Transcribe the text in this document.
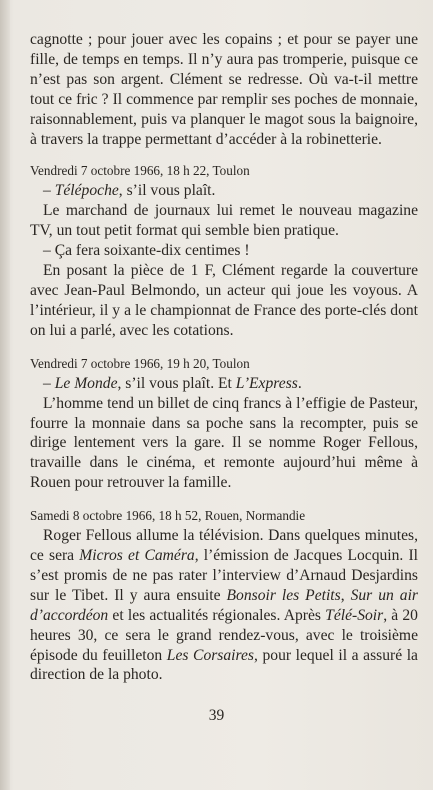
cagnotte ; pour jouer avec les copains ; et pour se payer une fille, de temps en temps. Il n’y aura pas tromperie, puisque ce n’est pas son argent. Clément se redresse. Où va-t-il mettre tout ce fric ? Il commence par remplir ses poches de monnaie, raisonnablement, puis va planquer le magot sous la baignoire, à travers la trappe permettant d’accéder à la robinetterie.

Vendredi 7 octobre 1966, 18 h 22, Toulon

– Télépoche, s’il vous plaît.

Le marchand de journaux lui remet le nouveau magazine TV, un tout petit format qui semble bien pratique.

– Ça fera soixante-dix centimes !

En posant la pièce de 1 F, Clément regarde la couverture avec Jean-Paul Belmondo, un acteur qui joue les voyous. A l’intérieur, il y a le championnat de France des porte-clés dont on lui a parlé, avec les cotations.

Vendredi 7 octobre 1966, 19 h 20, Toulon

– Le Monde, s’il vous plaît. Et L’Express.

L’homme tend un billet de cinq francs à l’effigie de Pasteur, fourre la monnaie dans sa poche sans la recompter, puis se dirige lentement vers la gare. Il se nomme Roger Fellous, travaille dans le cinéma, et remonte aujourd’hui même à Rouen pour retrouver la famille.

Samedi 8 octobre 1966, 18 h 52, Rouen, Normandie

Roger Fellous allume la télévision. Dans quelques minutes, ce sera Micros et Caméra, l’émission de Jacques Locquin. Il s’est promis de ne pas rater l’interview d’Arnaud Desjardins sur le Tibet. Il y aura ensuite Bonsoir les Petits, Sur un air d’accordéon et les actualités régionales. Après Télé-Soir, à 20 heures 30, ce sera le grand rendez-vous, avec le troisième épisode du feuilleton Les Corsaires, pour lequel il a assuré la direction de la photo.

39
